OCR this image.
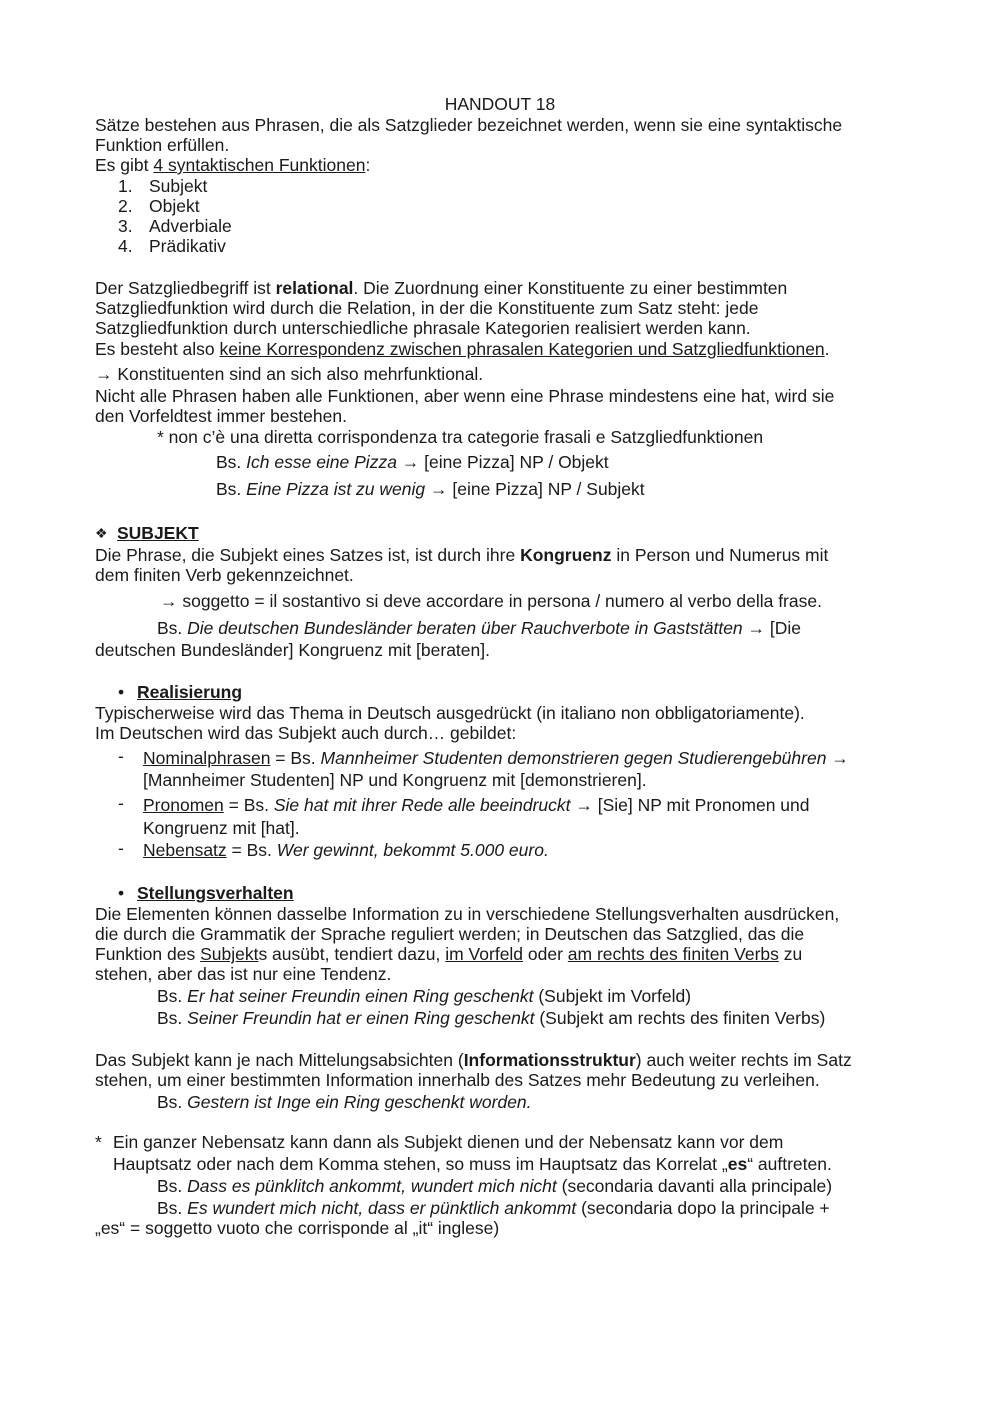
HANDOUT 18
Sätze bestehen aus Phrasen, die als Satzglieder bezeichnet werden, wenn sie eine syntaktische
Funktion erfüllen.
Es gibt 4 syntaktischen Funktionen:
1. Subjekt
2. Objekt
3. Adverbiale
4. Prädikativ
Der Satzgliedbegriff ist relational. Die Zuordnung einer Konstituente zu einer bestimmten
Satzgliedfunktion wird durch die Relation, in der die Konstituente zum Satz steht: jede
Satzgliedfunktion durch unterschiedliche phrasale Kategorien realisiert werden kann.
Es besteht also keine Korrespondenz zwischen phrasalen Kategorien und Satzgliedfunktionen.
→ Konstituenten sind an sich also mehrfunktional.
Nicht alle Phrasen haben alle Funktionen, aber wenn eine Phrase mindestens eine hat, wird sie
den Vorfeldtest immer bestehen.
* non c’è una diretta corrispondenza tra categorie frasali e Satzgliedfunktionen
Bs. Ich esse eine Pizza → [eine Pizza] NP / Objekt
Bs. Eine Pizza ist zu wenig → [eine Pizza] NP / Subjekt
❖ SUBJEKT
Die Phrase, die Subjekt eines Satzes ist, ist durch ihre Kongruenz in Person und Numerus mit
dem finiten Verb gekennzeichnet.
→ soggetto = il sostantivo si deve accordare in persona / numero al verbo della frase.
Bs. Die deutschen Bundesländer beraten über Rauchverbote in Gaststätten → [Die
deutschen Bundesländer] Kongruenz mit [beraten].
• Realisierung
Typischerweise wird das Thema in Deutsch ausgedrückt (in italiano non obbligatoriamente).
Im Deutschen wird das Subjekt auch durch… gebildet:
- Nominalphrasen = Bs. Mannheimer Studenten demonstrieren gegen Studierengebühren →
[Mannheimer Studenten] NP und Kongruenz mit [demonstrieren].
- Pronomen = Bs. Sie hat mit ihrer Rede alle beeindruckt → [Sie] NP mit Pronomen und
Kongruenz mit [hat].
- Nebensatz = Bs. Wer gewinnt, bekommt 5.000 euro.
• Stellungsverhalten
Die Elementen können dasselbe Information zu in verschiedene Stellungsverhalten ausdrücken,
die durch die Grammatik der Sprache reguliert werden; in Deutschen das Satzglied, das die
Funktion des Subjekts ausübt, tendiert dazu, im Vorfeld oder am rechts des finiten Verbs zu
stehen, aber das ist nur eine Tendenz.
Bs. Er hat seiner Freundin einen Ring geschenkt (Subjekt im Vorfeld)
Bs. Seiner Freundin hat er einen Ring geschenkt (Subjekt am rechts des finiten Verbs)
Das Subjekt kann je nach Mittelungsabsichten (Informationsstruktur) auch weiter rechts im Satz
stehen, um einer bestimmten Information innerhalb des Satzes mehr Bedeutung zu verleihen.
Bs. Gestern ist Inge ein Ring geschenkt worden.
* Ein ganzer Nebensatz kann dann als Subjekt dienen und der Nebensatz kann vor dem
Hauptsatz oder nach dem Komma stehen, so muss im Hauptsatz das Korrelat „es“ auftreten.
Bs. Dass es pünklitch ankommt, wundert mich nicht (secondaria davanti alla principale)
Bs. Es wundert mich nicht, dass er pünktlich ankommt (secondaria dopo la principale +
„es“ = soggetto vuoto che corrisponde al „it“ inglese)
